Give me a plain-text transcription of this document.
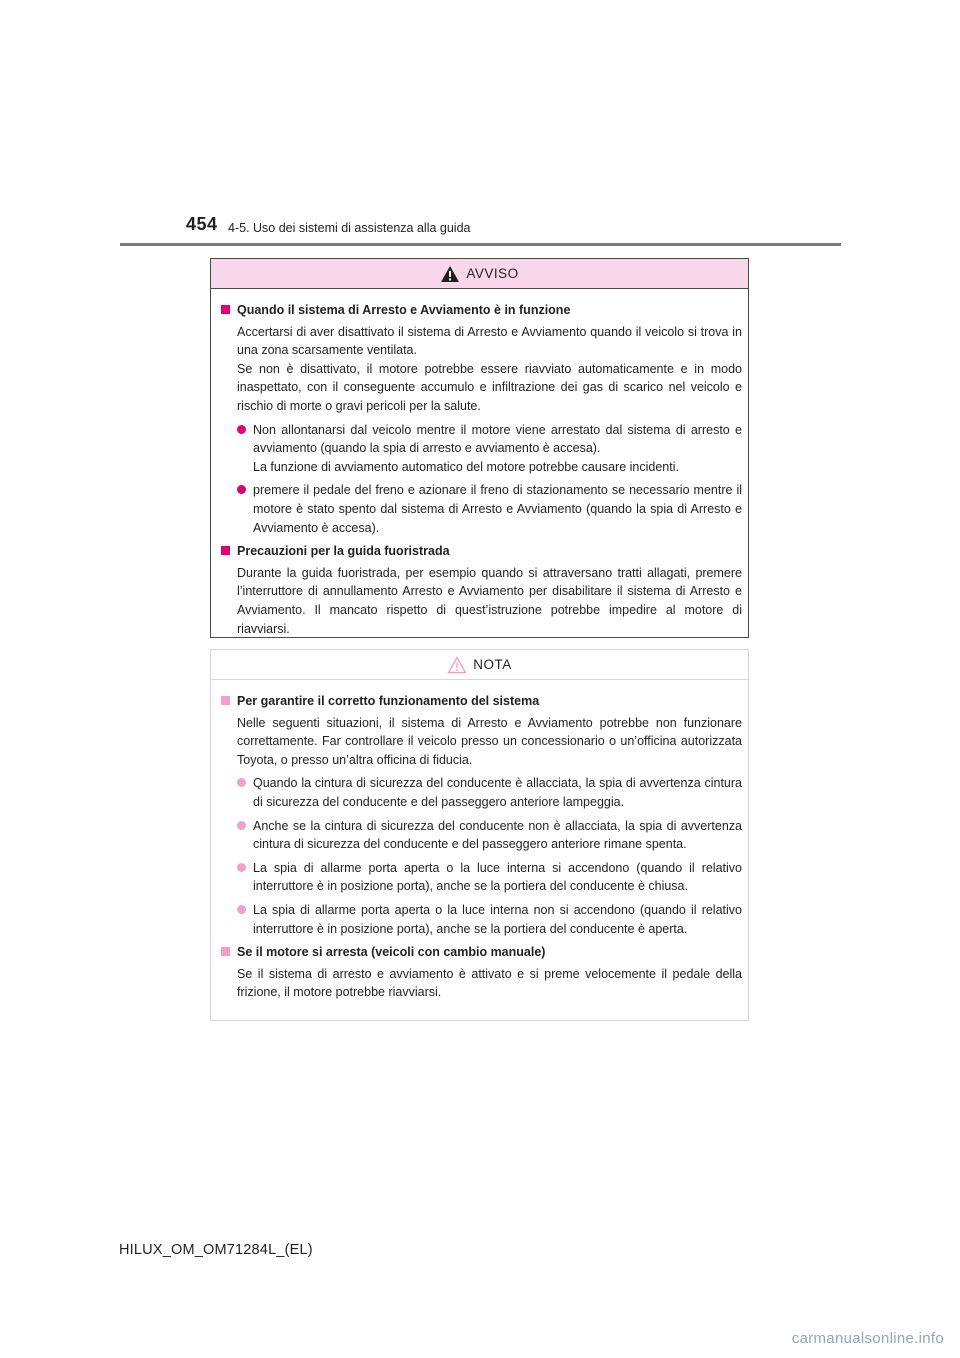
454 4-5. Uso dei sistemi di assistenza alla guida
AVVISO
Quando il sistema di Arresto e Avviamento è in funzione
Accertarsi di aver disattivato il sistema di Arresto e Avviamento quando il veicolo si trova in una zona scarsamente ventilata.
Se non è disattivato, il motore potrebbe essere riavviato automaticamente e in modo inaspettato, con il conseguente accumulo e infiltrazione dei gas di scarico nel veicolo e rischio di morte o gravi pericoli per la salute.
Non allontanarsi dal veicolo mentre il motore viene arrestato dal sistema di arresto e avviamento (quando la spia di arresto e avviamento è accesa).
La funzione di avviamento automatico del motore potrebbe causare incidenti.
premere il pedale del freno e azionare il freno di stazionamento se necessario mentre il motore è stato spento dal sistema di Arresto e Avviamento (quando la spia di Arresto e Avviamento è accesa).
Precauzioni per la guida fuoristrada
Durante la guida fuoristrada, per esempio quando si attraversano tratti allagati, premere l’interruttore di annullamento Arresto e Avviamento per disabilitare il sistema di Arresto e Avviamento. Il mancato rispetto di quest’istruzione potrebbe impedire al motore di riavviarsi.
NOTA
Per garantire il corretto funzionamento del sistema
Nelle seguenti situazioni, il sistema di Arresto e Avviamento potrebbe non funzionare correttamente. Far controllare il veicolo presso un concessionario o un’officina autorizzata Toyota, o presso un’altra officina di fiducia.
Quando la cintura di sicurezza del conducente è allacciata, la spia di avvertenza cintura di sicurezza del conducente e del passeggero anteriore lampeggia.
Anche se la cintura di sicurezza del conducente non è allacciata, la spia di avvertenza cintura di sicurezza del conducente e del passeggero anteriore rimane spenta.
La spia di allarme porta aperta o la luce interna si accendono (quando il relativo interruttore è in posizione porta), anche se la portiera del conducente è chiusa.
La spia di allarme porta aperta o la luce interna non si accendono (quando il relativo interruttore è in posizione porta), anche se la portiera del conducente è aperta.
Se il motore si arresta (veicoli con cambio manuale)
Se il sistema di arresto e avviamento è attivato e si preme velocemente il pedale della frizione, il motore potrebbe riavviarsi.
HILUX_OM_OM71284L_(EL)
carmanualsonline.info
